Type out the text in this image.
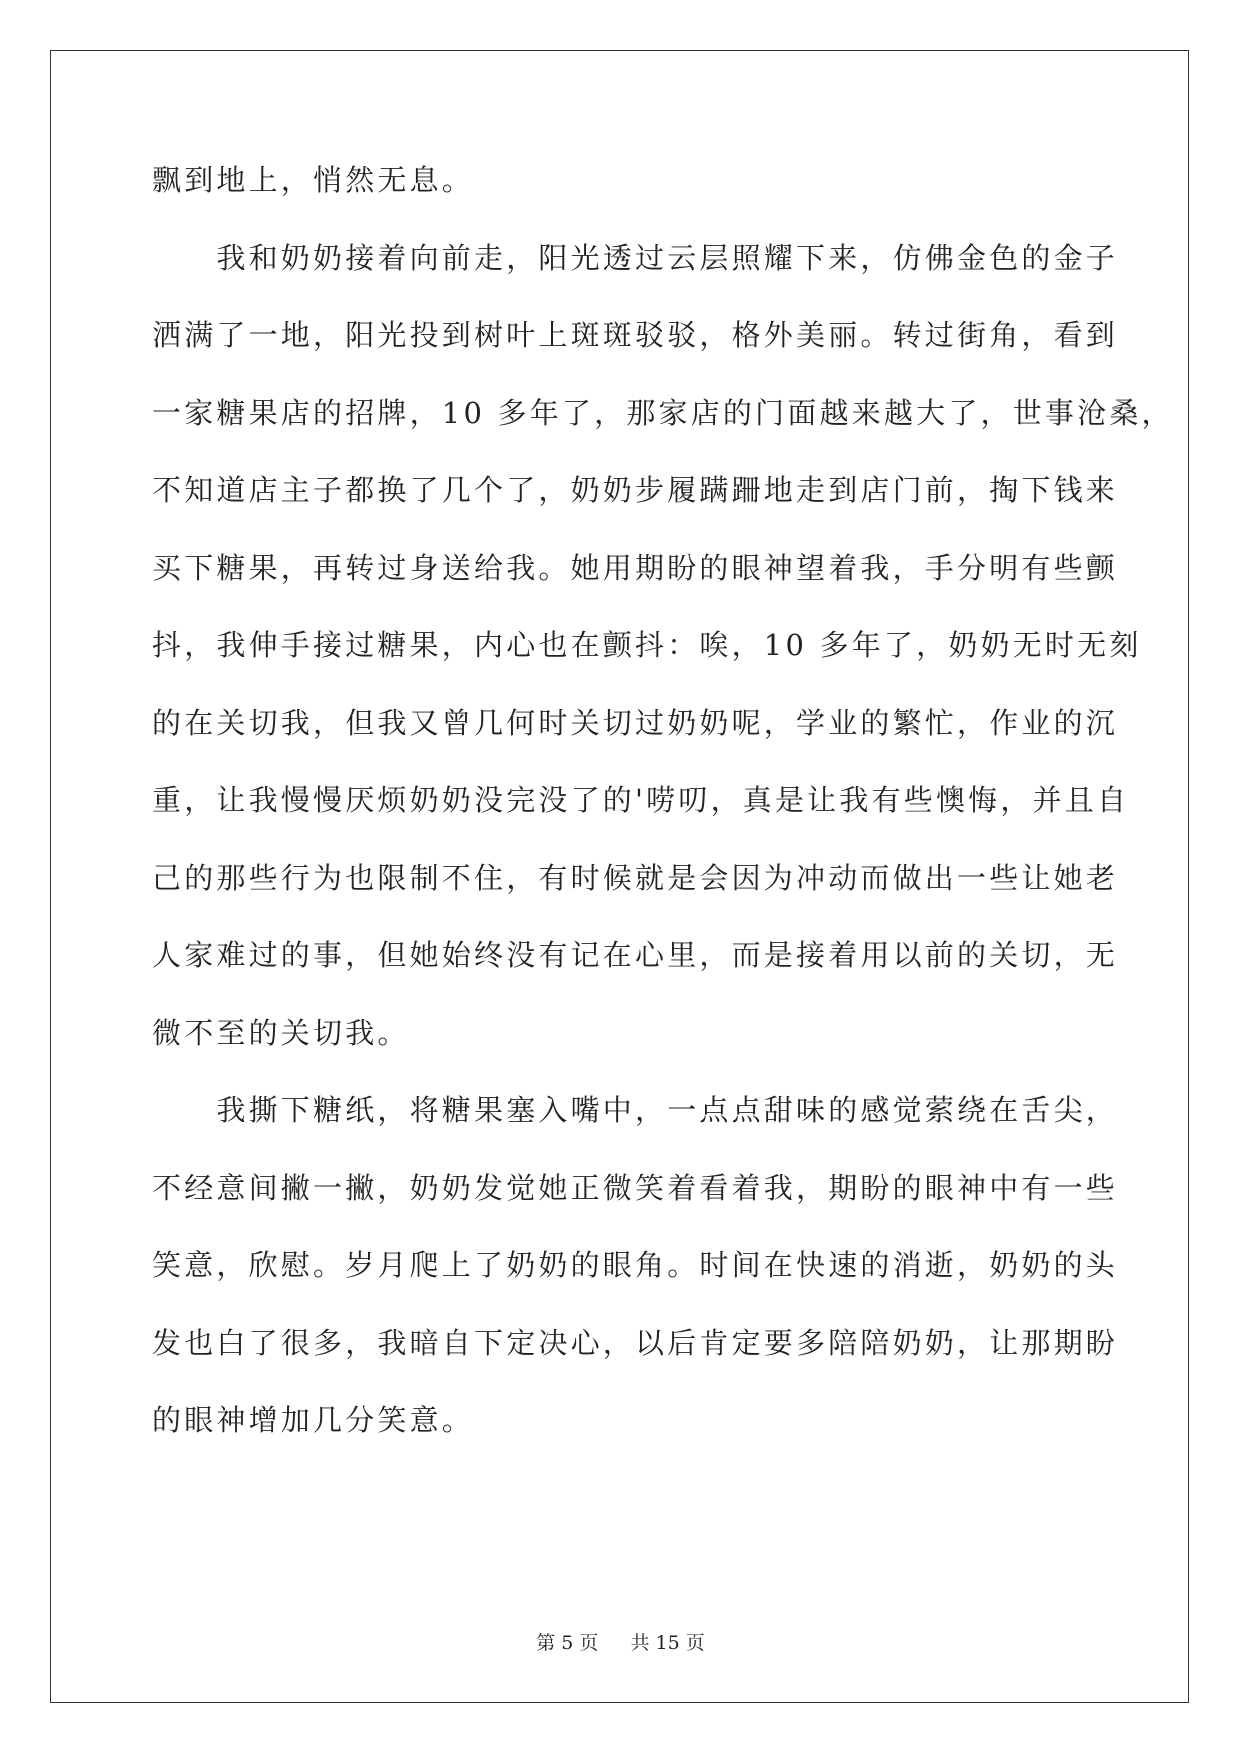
飘到地上，悄然无息。
　　我和奶奶接着向前走，阳光透过云层照耀下来，仿佛金色的金子
洒满了一地，阳光投到树叶上斑斑驳驳，格外美丽。转过街角，看到
一家糖果店的招牌，10 多年了，那家店的门面越来越大了，世事沧桑，
不知道店主子都换了几个了，奶奶步履蹒跚地走到店门前，掏下钱来
买下糖果，再转过身送给我。她用期盼的眼神望着我，手分明有些颤
抖，我伸手接过糖果，内心也在颤抖：唉，10 多年了，奶奶无时无刻
的在关切我，但我又曾几何时关切过奶奶呢，学业的繁忙，作业的沉
重，让我慢慢厌烦奶奶没完没了的'唠叨，真是让我有些懊悔，并且自
己的那些行为也限制不住，有时候就是会因为冲动而做出一些让她老
人家难过的事，但她始终没有记在心里，而是接着用以前的关切，无
微不至的关切我。
　　我撕下糖纸，将糖果塞入嘴中，一点点甜味的感觉萦绕在舌尖，
不经意间撇一撇，奶奶发觉她正微笑着看着我，期盼的眼神中有一些
笑意，欣慰。岁月爬上了奶奶的眼角。时间在快速的消逝，奶奶的头
发也白了很多，我暗自下定决心，以后肯定要多陪陪奶奶，让那期盼
的眼神增加几分笑意。
第 5 页 共 15 页
